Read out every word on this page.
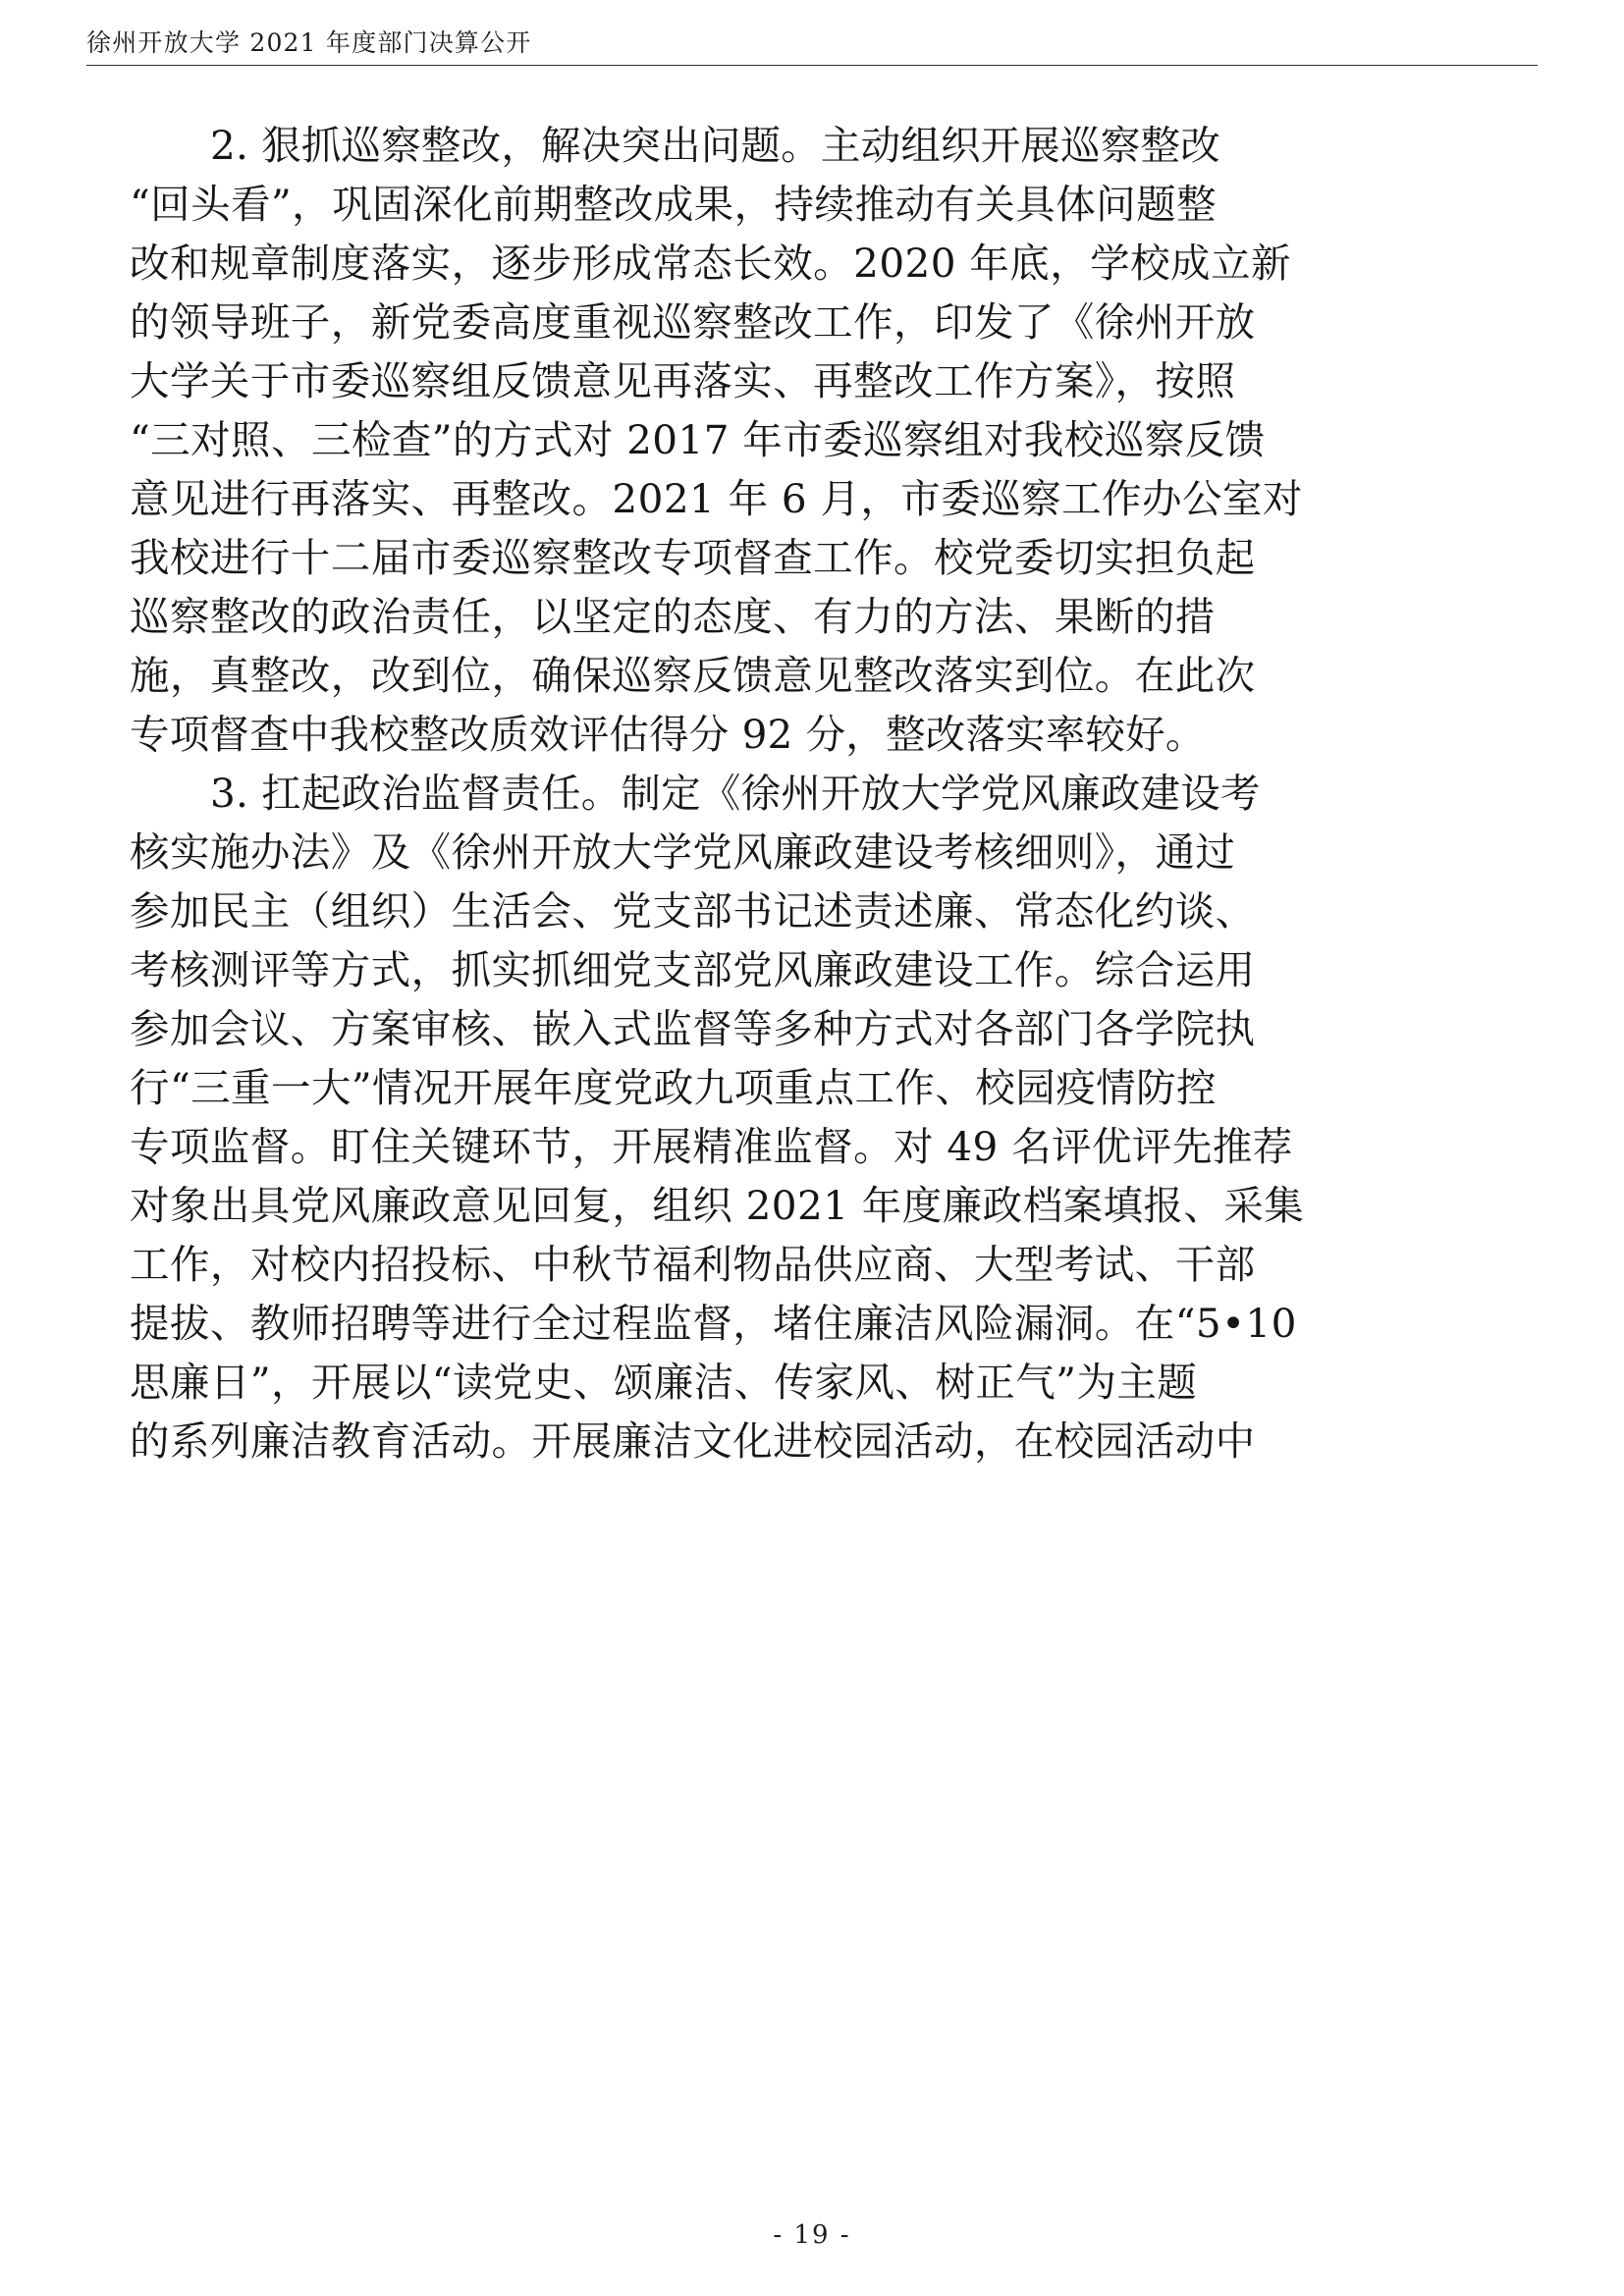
徐州开放大学 2021 年度部门决算公开
2. 狠抓巡察整改，解决突出问题。主动组织开展巡察整改
“回头看”，巩固深化前期整改成果，持续推动有关具体问题整
改和规章制度落实，逐步形成常态长效。2020 年底，学校成立新
的领导班子，新党委高度重视巡察整改工作，印发了《徐州开放
大学关于市委巡察组反馈意见再落实、再整改工作方案》，按照
“三对照、三检查”的方式对 2017 年市委巡察组对我校巡察反馈
意见进行再落实、再整改。2021 年 6 月，市委巡察工作办公室对
我校进行十二届市委巡察整改专项督查工作。校党委切实担负起
巡察整改的政治责任，以坚定的态度、有力的方法、果断的措
施，真整改，改到位，确保巡察反馈意见整改落实到位。在此次
专项督查中我校整改质效评估得分 92 分，整改落实率较好。
3. 扛起政治监督责任。制定《徐州开放大学党风廉政建设考
核实施办法》及《徐州开放大学党风廉政建设考核细则》，通过
参加民主（组织）生活会、党支部书记述责述廉、常态化约谈、
考核测评等方式，抓实抓细党支部党风廉政建设工作。综合运用
参加会议、方案审核、嵌入式监督等多种方式对各部门各学院执
行“三重一大”情况开展年度党政九项重点工作、校园疫情防控
专项监督。盯住关键环节，开展精准监督。对 49 名评优评先推荐
对象出具党风廉政意见回复，组织 2021 年度廉政档案填报、采集
工作，对校内招投标、中秋节福利物品供应商、大型考试、干部
提拔、教师招聘等进行全过程监督，堵住廉洁风险漏洞。在“5•10
思廉日”，开展以“读党史、颂廉洁、传家风、树正气”为主题
的系列廉洁教育活动。开展廉洁文化进校园活动，在校园活动中
- 19 -
